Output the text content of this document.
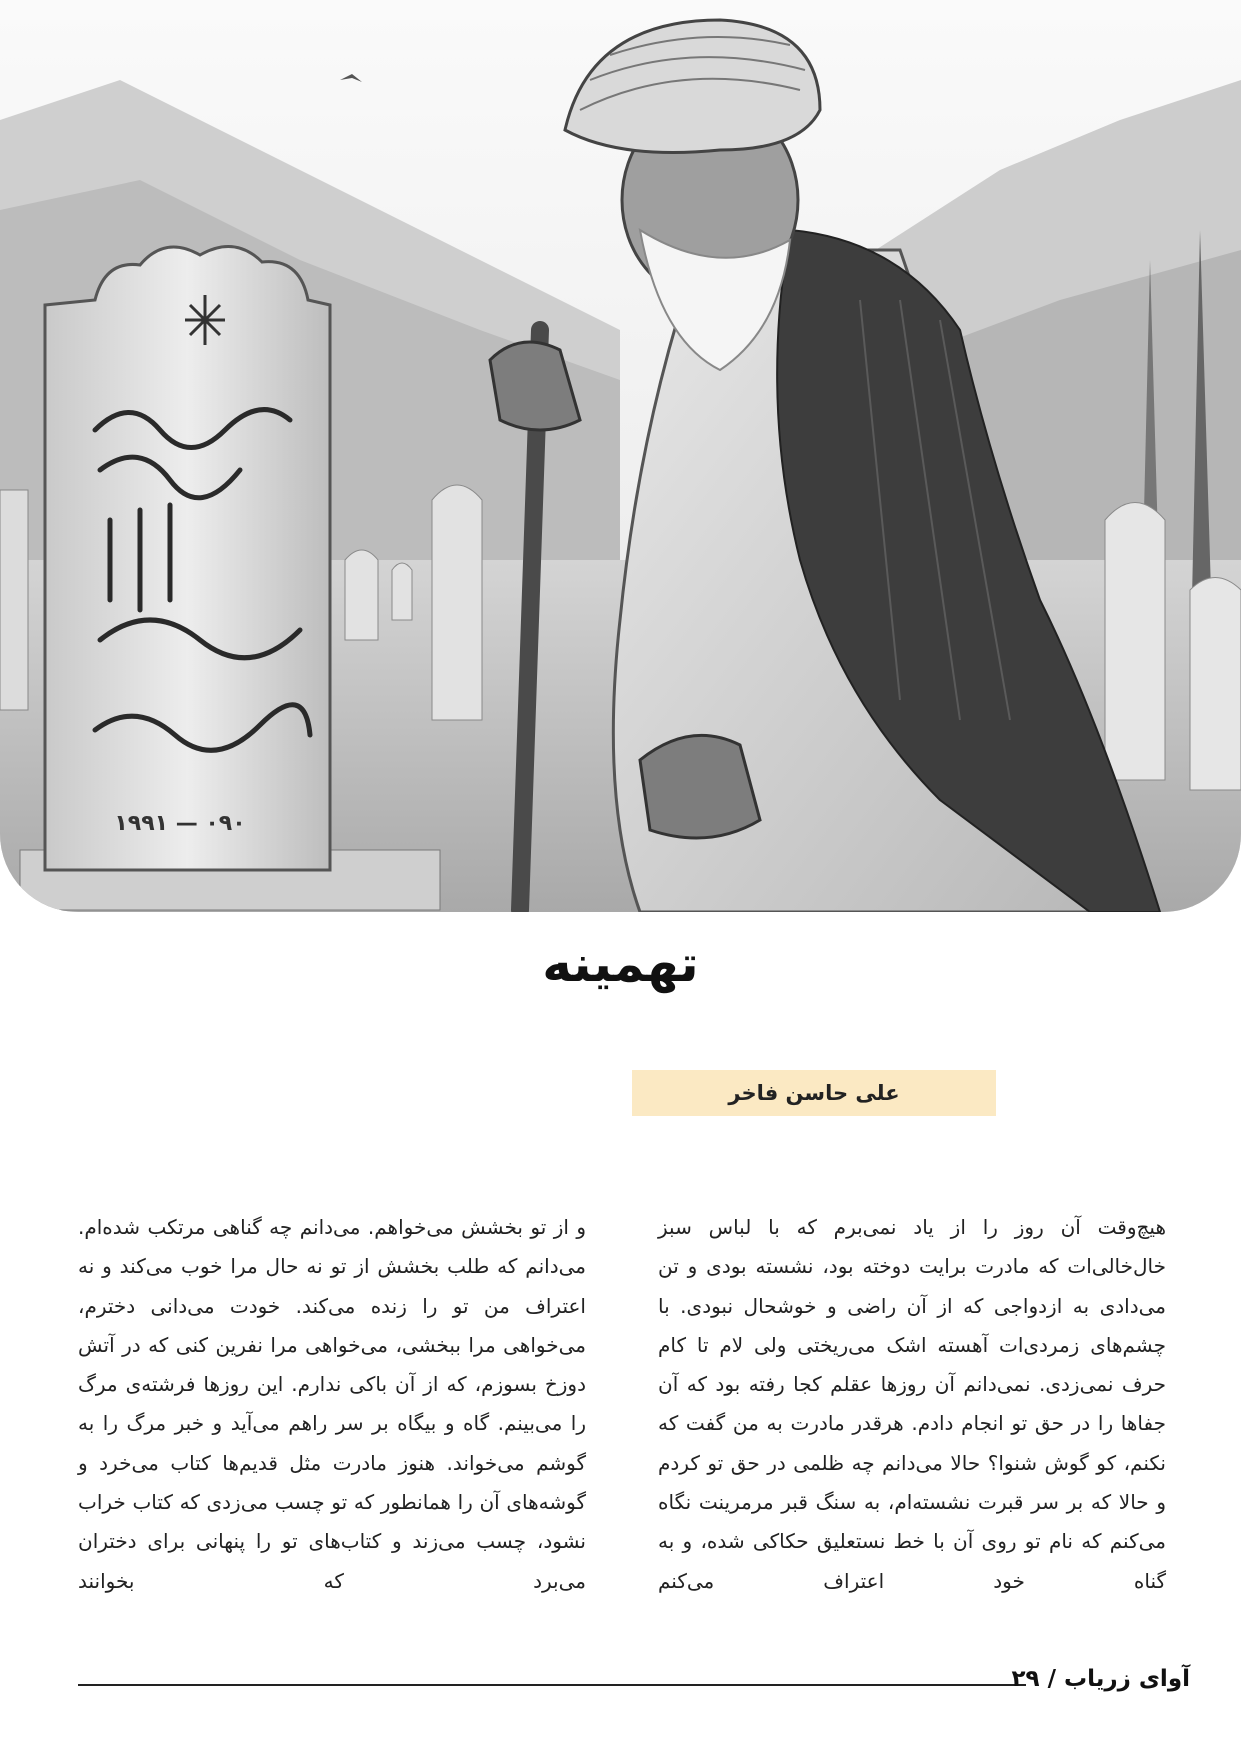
۱۹۹۱ — ۰۹۰
تهمینه
علی حاسن فاخر

هیچ‌وقت آن روز را از یاد نمی‌برم که با لباس سبز خال‌خالی‌ات که مادرت برایت دوخته بود، نشسته بودی و تن می‌دادی به ازدواجی که از آن راضی و خوشحال نبودی. با چشم‌های زمردی‌ات آهسته اشک می‌ریختی ولی لام تا کام حرف نمی‌زدی. نمی‌دانم آن روزها عقلم کجا رفته بود که آن جفاها را در حق تو انجام دادم. هرقدر مادرت به من گفت که نکنم، کو گوش شنوا؟ حالا می‌دانم چه ظلمی در حق تو کردم و حالا که بر سر قبرت نشسته‌ام، به سنگ قبر مرمرینت نگاه می‌کنم که نام تو روی آن با خط نستعلیق حکاکی شده، و به گناه خود اعتراف می‌کنم

و از تو بخشش می‌خواهم. می‌دانم چه گناهی مرتکب شده‌ام. می‌دانم که طلب بخشش از تو نه حال مرا خوب می‌کند و نه اعتراف من تو را زنده می‌کند. خودت می‌دانی دخترم، می‌خواهی مرا ببخشی، می‌خواهی مرا نفرین کنی که در آتش دوزخ بسوزم، که از آن باکی ندارم. این روزها فرشته‌ی مرگ را می‌بینم. گاه و بیگاه بر سر راهم می‌آید و خبر مرگ را به گوشم می‌خواند. هنوز مادرت مثل قدیم‌ها کتاب می‌خرد و گوشه‌های آن را همانطور که تو چسب می‌زدی که کتاب خراب نشود، چسب می‌زند و کتاب‌های تو را پنهانی برای دختران می‌برد که بخوانند

آوای زریاب / ۲۹
